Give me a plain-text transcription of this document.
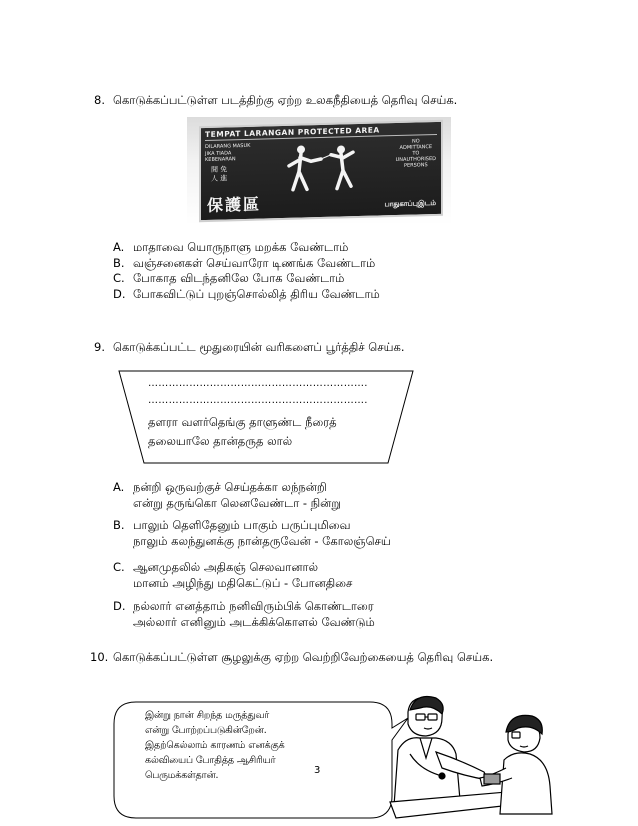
8. கொடுக்கப்பட்டுள்ள படத்திற்கு ஏற்ற உலகநீதியைத் தெரிவு செய்க.
TEMPAT LARANGAN PROTECTED AREA
DILARANG MASUK
JIKA TIADA
KEBENARAN
閒 免
人 進
NO
ADMITTANCE
TO
UNAUTHORISED
PERSONS
保護區	பாதுகாப்புஇடம்
A. மாதாவை யொருநாளு மறக்க வேண்டாம்
B. வஞ்சனைகள் செய்வாரோ டிணங்க வேண்டாம்
C. போகாத விடந்தனிலே போக வேண்டாம்
D. போகவிட்டுப் புறஞ்சொல்லித் திரிய வேண்டாம்
9. கொடுக்கப்பட்ட மூதுரையின் வரிகளைப் பூர்த்திச் செய்க.
……………………………………………………….
……………………………………………………….
தளரா வளர்தெங்கு தாளுண்ட நீரைத்
தலையாலே தான்தருத லால்
A. நன்றி ஒருவற்குச் செய்தக்கா லந்நன்றி
என்று தருங்கொ லெனவேண்டா - நின்று
B. பாலும் தெளிதேனும் பாகும் பருப்புமிவை
நாலும் கலந்துனக்கு நான்தருவேன் - கோலஞ்செய்
C. ஆனமுதலில் அதிகஞ் செலவானால்
மானம் அழிந்து மதிகெட்டுப் - போனதிசை
D. நல்லார் எனத்தாம் நனிவிரும்பிக் கொண்டாரை
அல்லார் எனினும் அடக்கிக்கொளல் வேண்டும்
10. கொடுக்கப்பட்டுள்ள சூழலுக்கு ஏற்ற வெற்றிவேற்கையைத் தெரிவு செய்க.
இன்று நான் சிறந்த மருத்துவர்
என்று போற்றப்படுகின்றேன்.
இதற்கெல்லாம் காரணம் எனக்குக்
கல்வியைப் போதித்த ஆசிரியர்
பெருமக்கள்தான்.	3
